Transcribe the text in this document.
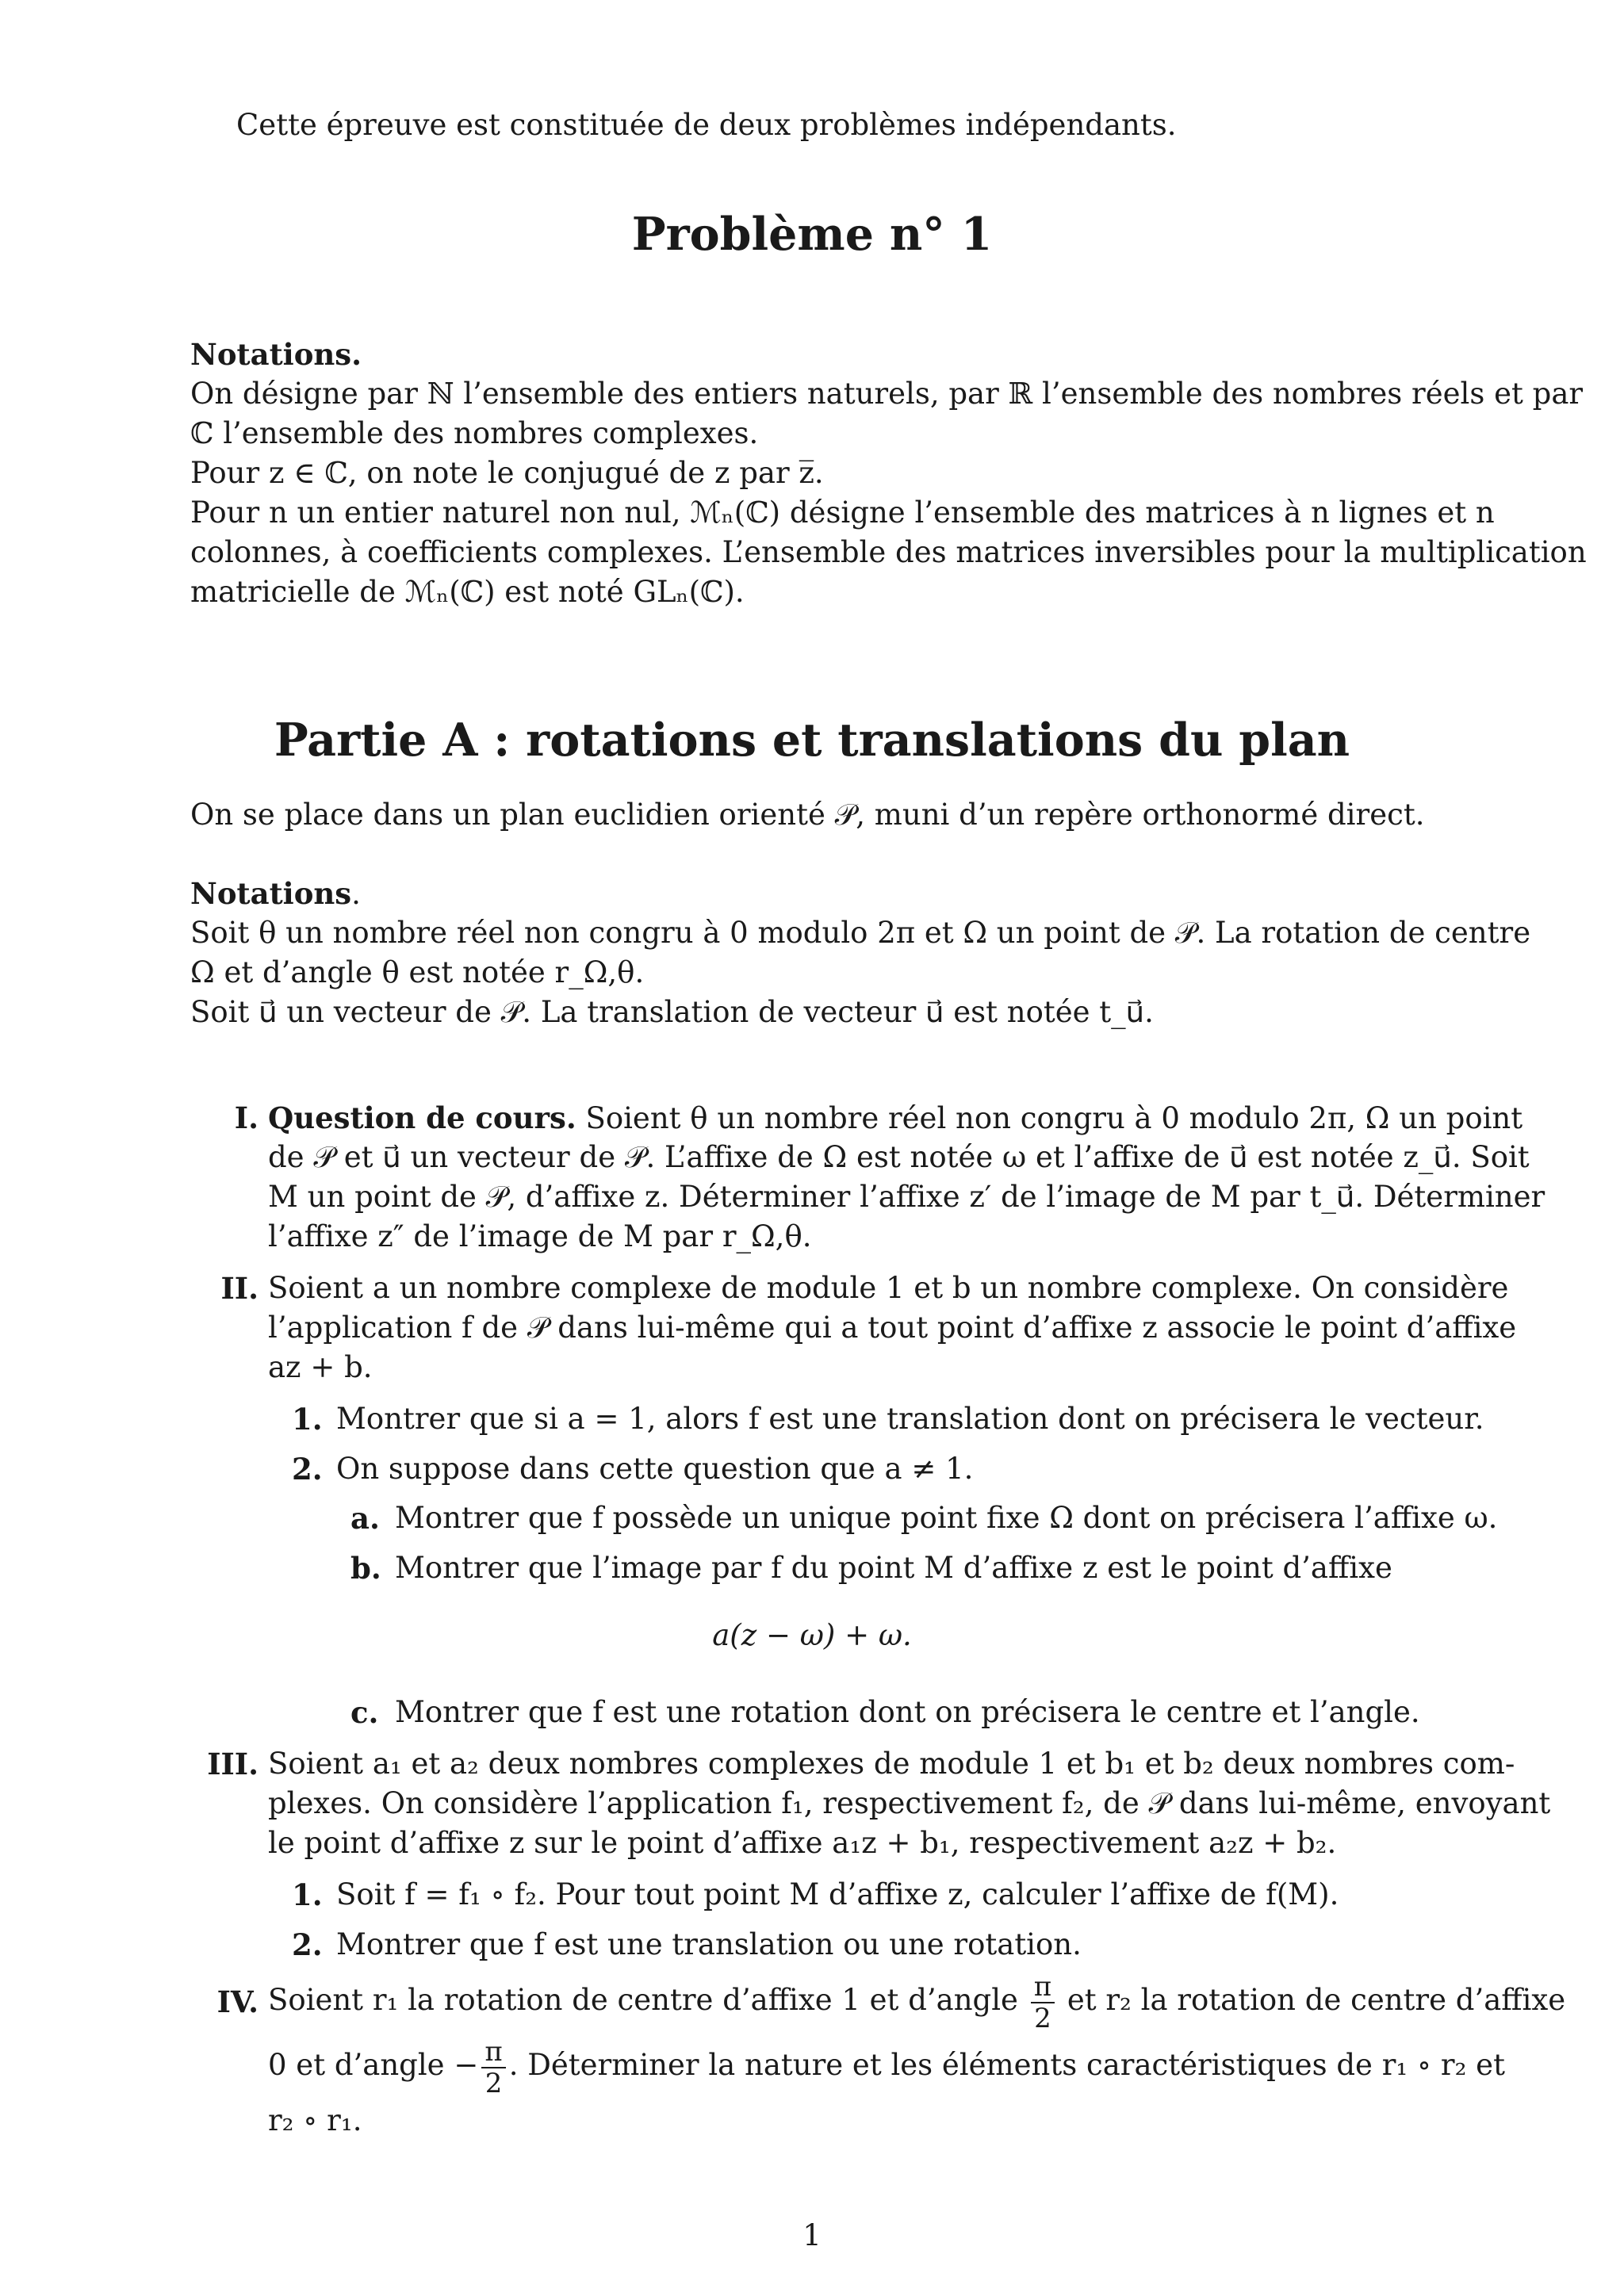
Cette épreuve est constituée de deux problèmes indépendants.
Problème n° 1
Notations.
On désigne par ℕ l’ensemble des entiers naturels, par ℝ l’ensemble des nombres réels et par
ℂ l’ensemble des nombres complexes.
Pour z ∈ ℂ, on note le conjugué de z par z̅.
Pour n un entier naturel non nul, ℳₙ(ℂ) désigne l’ensemble des matrices à n lignes et n
colonnes, à coefficients complexes. L’ensemble des matrices inversibles pour la multiplication
matricielle de ℳₙ(ℂ) est noté GLₙ(ℂ).
Partie A : rotations et translations du plan
On se place dans un plan euclidien orienté 𝒫, muni d’un repère orthonormé direct.
Notations.
Soit θ un nombre réel non congru à 0 modulo 2π et Ω un point de 𝒫. La rotation de centre
Ω et d’angle θ est notée r_Ω,θ.
Soit u⃗ un vecteur de 𝒫. La translation de vecteur u⃗ est notée t_u⃗.
I. Question de cours. Soient θ un nombre réel non congru à 0 modulo 2π, Ω un point
de 𝒫 et u⃗ un vecteur de 𝒫. L’affixe de Ω est notée ω et l’affixe de u⃗ est notée z_u⃗. Soit
M un point de 𝒫, d’affixe z. Déterminer l’affixe z′ de l’image de M par t_u⃗. Déterminer
l’affixe z″ de l’image de M par r_Ω,θ.
II. Soient a un nombre complexe de module 1 et b un nombre complexe. On considère
l’application f de 𝒫 dans lui-même qui a tout point d’affixe z associe le point d’affixe
az + b.
1. Montrer que si a = 1, alors f est une translation dont on précisera le vecteur.
2. On suppose dans cette question que a ≠ 1.
a. Montrer que f possède un unique point fixe Ω dont on précisera l’affixe ω.
b. Montrer que l’image par f du point M d’affixe z est le point d’affixe
a(z − ω) + ω.
c. Montrer que f est une rotation dont on précisera le centre et l’angle.
III. Soient a₁ et a₂ deux nombres complexes de module 1 et b₁ et b₂ deux nombres com-
plexes. On considère l’application f₁, respectivement f₂, de 𝒫 dans lui-même, envoyant
le point d’affixe z sur le point d’affixe a₁z + b₁, respectivement a₂z + b₂.
1. Soit f = f₁ ∘ f₂. Pour tout point M d’affixe z, calculer l’affixe de f(M).
2. Montrer que f est une translation ou une rotation.
IV. Soient r₁ la rotation de centre d’affixe 1 et d’angle $\frac{\pi}{2}$ et r₂ la rotation de centre d’affixe
0 et d’angle − $\frac{\pi}{2}$ . Déterminer la nature et les éléments caractéristiques de r₁ ∘ r₂ et
r₂ ∘ r₁.
1
